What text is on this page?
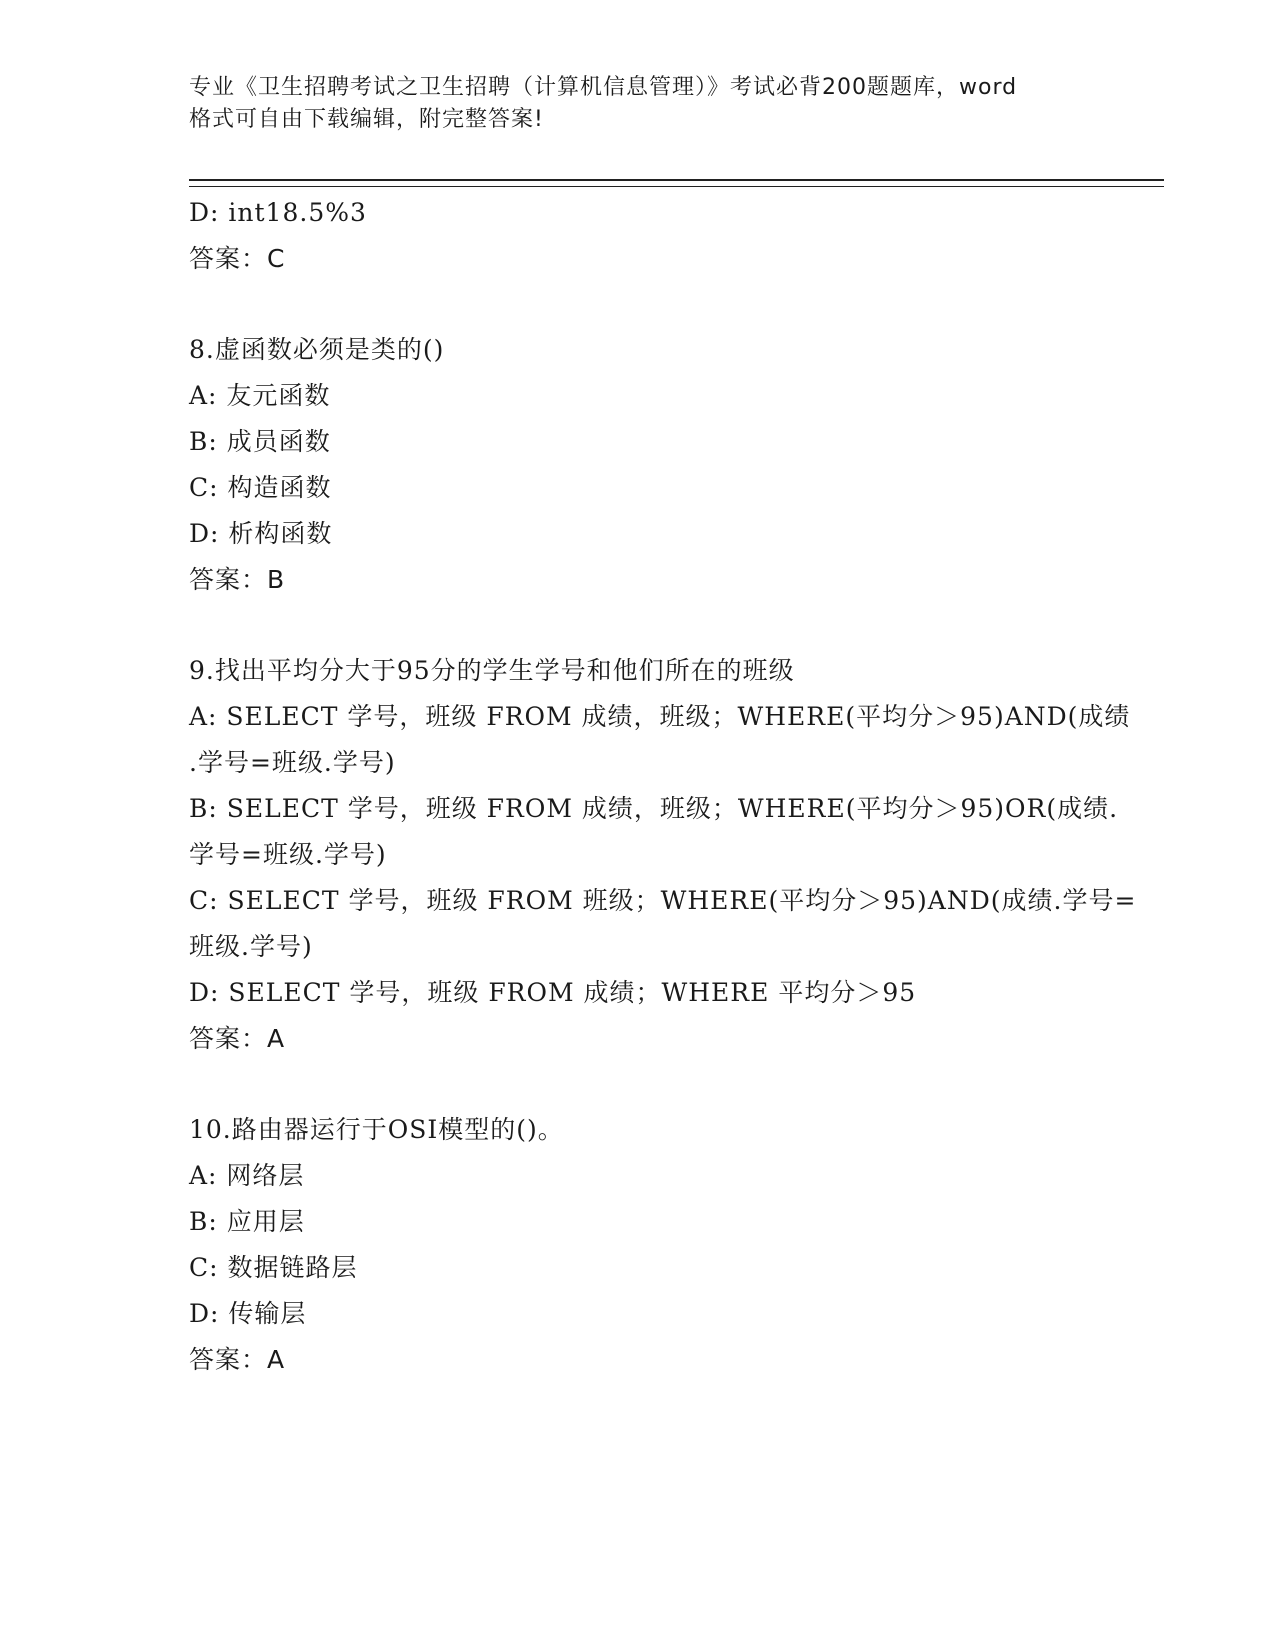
专业《卫生招聘考试之卫生招聘（计算机信息管理）》考试必背200题题库，word
格式可自由下载编辑，附完整答案!
D: int18.5%3
答案：C
8.虚函数必须是类的()
A: 友元函数
B: 成员函数
C: 构造函数
D: 析构函数
答案：B
9.找出平均分大于95分的学生学号和他们所在的班级
A: SELECT 学号，班级 FROM 成绩，班级；WHERE(平均分＞95)AND(成绩
.学号=班级.学号)
B: SELECT 学号，班级 FROM 成绩，班级；WHERE(平均分＞95)OR(成绩.
学号=班级.学号)
C: SELECT 学号，班级 FROM 班级；WHERE(平均分＞95)AND(成绩.学号=
班级.学号)
D: SELECT 学号，班级 FROM 成绩；WHERE 平均分＞95
答案：A
10.路由器运行于OSI模型的()。
A: 网络层
B: 应用层
C: 数据链路层
D: 传输层
答案：A
